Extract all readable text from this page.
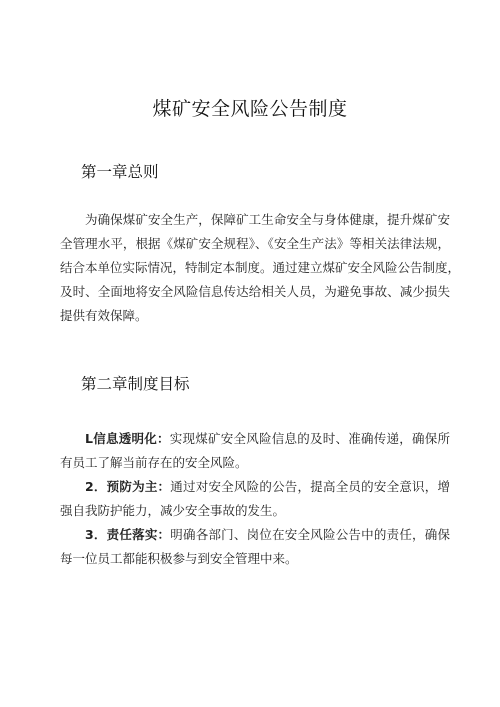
煤矿安全风险公告制度
第一章总则
为确保煤矿安全生产，保障矿工生命安全与身体健康，提升煤矿安
全管理水平，根据《煤矿安全规程》、《安全生产法》等相关法律法规，
结合本单位实际情况，特制定本制度。通过建立煤矿安全风险公告制度，
及时、全面地将安全风险信息传达给相关人员，为避免事故、减少损失
提供有效保障。
第二章制度目标
L信息透明化：实现煤矿安全风险信息的及时、准确传递，确保所
有员工了解当前存在的安全风险。
2．预防为主：通过对安全风险的公告，提高全员的安全意识，增
强自我防护能力，减少安全事故的发生。
3．责任落实：明确各部门、岗位在安全风险公告中的责任，确保
每一位员工都能积极参与到安全管理中来。
